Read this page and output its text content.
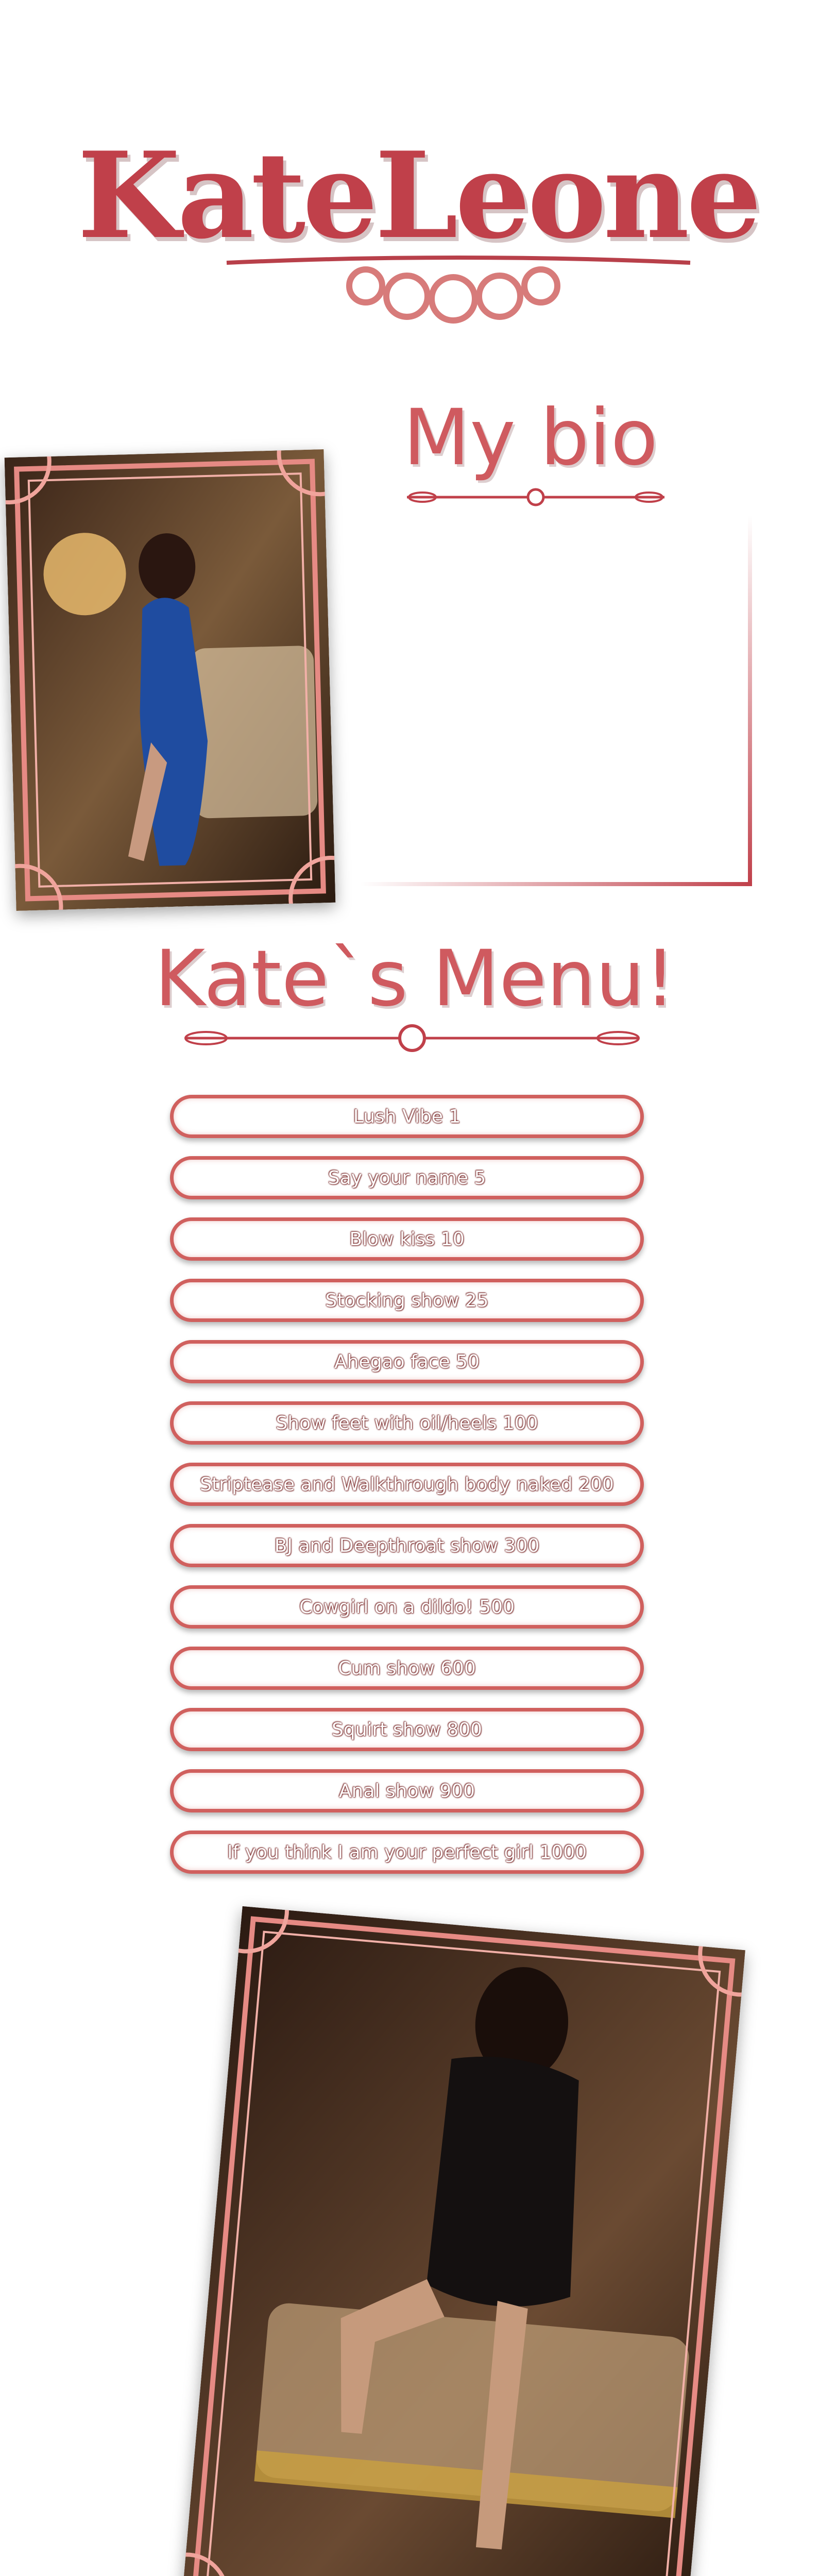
KateLeone
My bio
Kate`s Menu!
Lush Vibe 1
Say your name 5
Blow kiss 10
Stocking show 25
Ahegao face 50
Show feet with oil/heels 100
Striptease and Walkthrough body naked 200
BJ and Deepthroat show 300
Cowgirl on a dildo! 500
Cum show 600
Squirt show 800
Anal show 900
If you think I am your perfect girl 1000
